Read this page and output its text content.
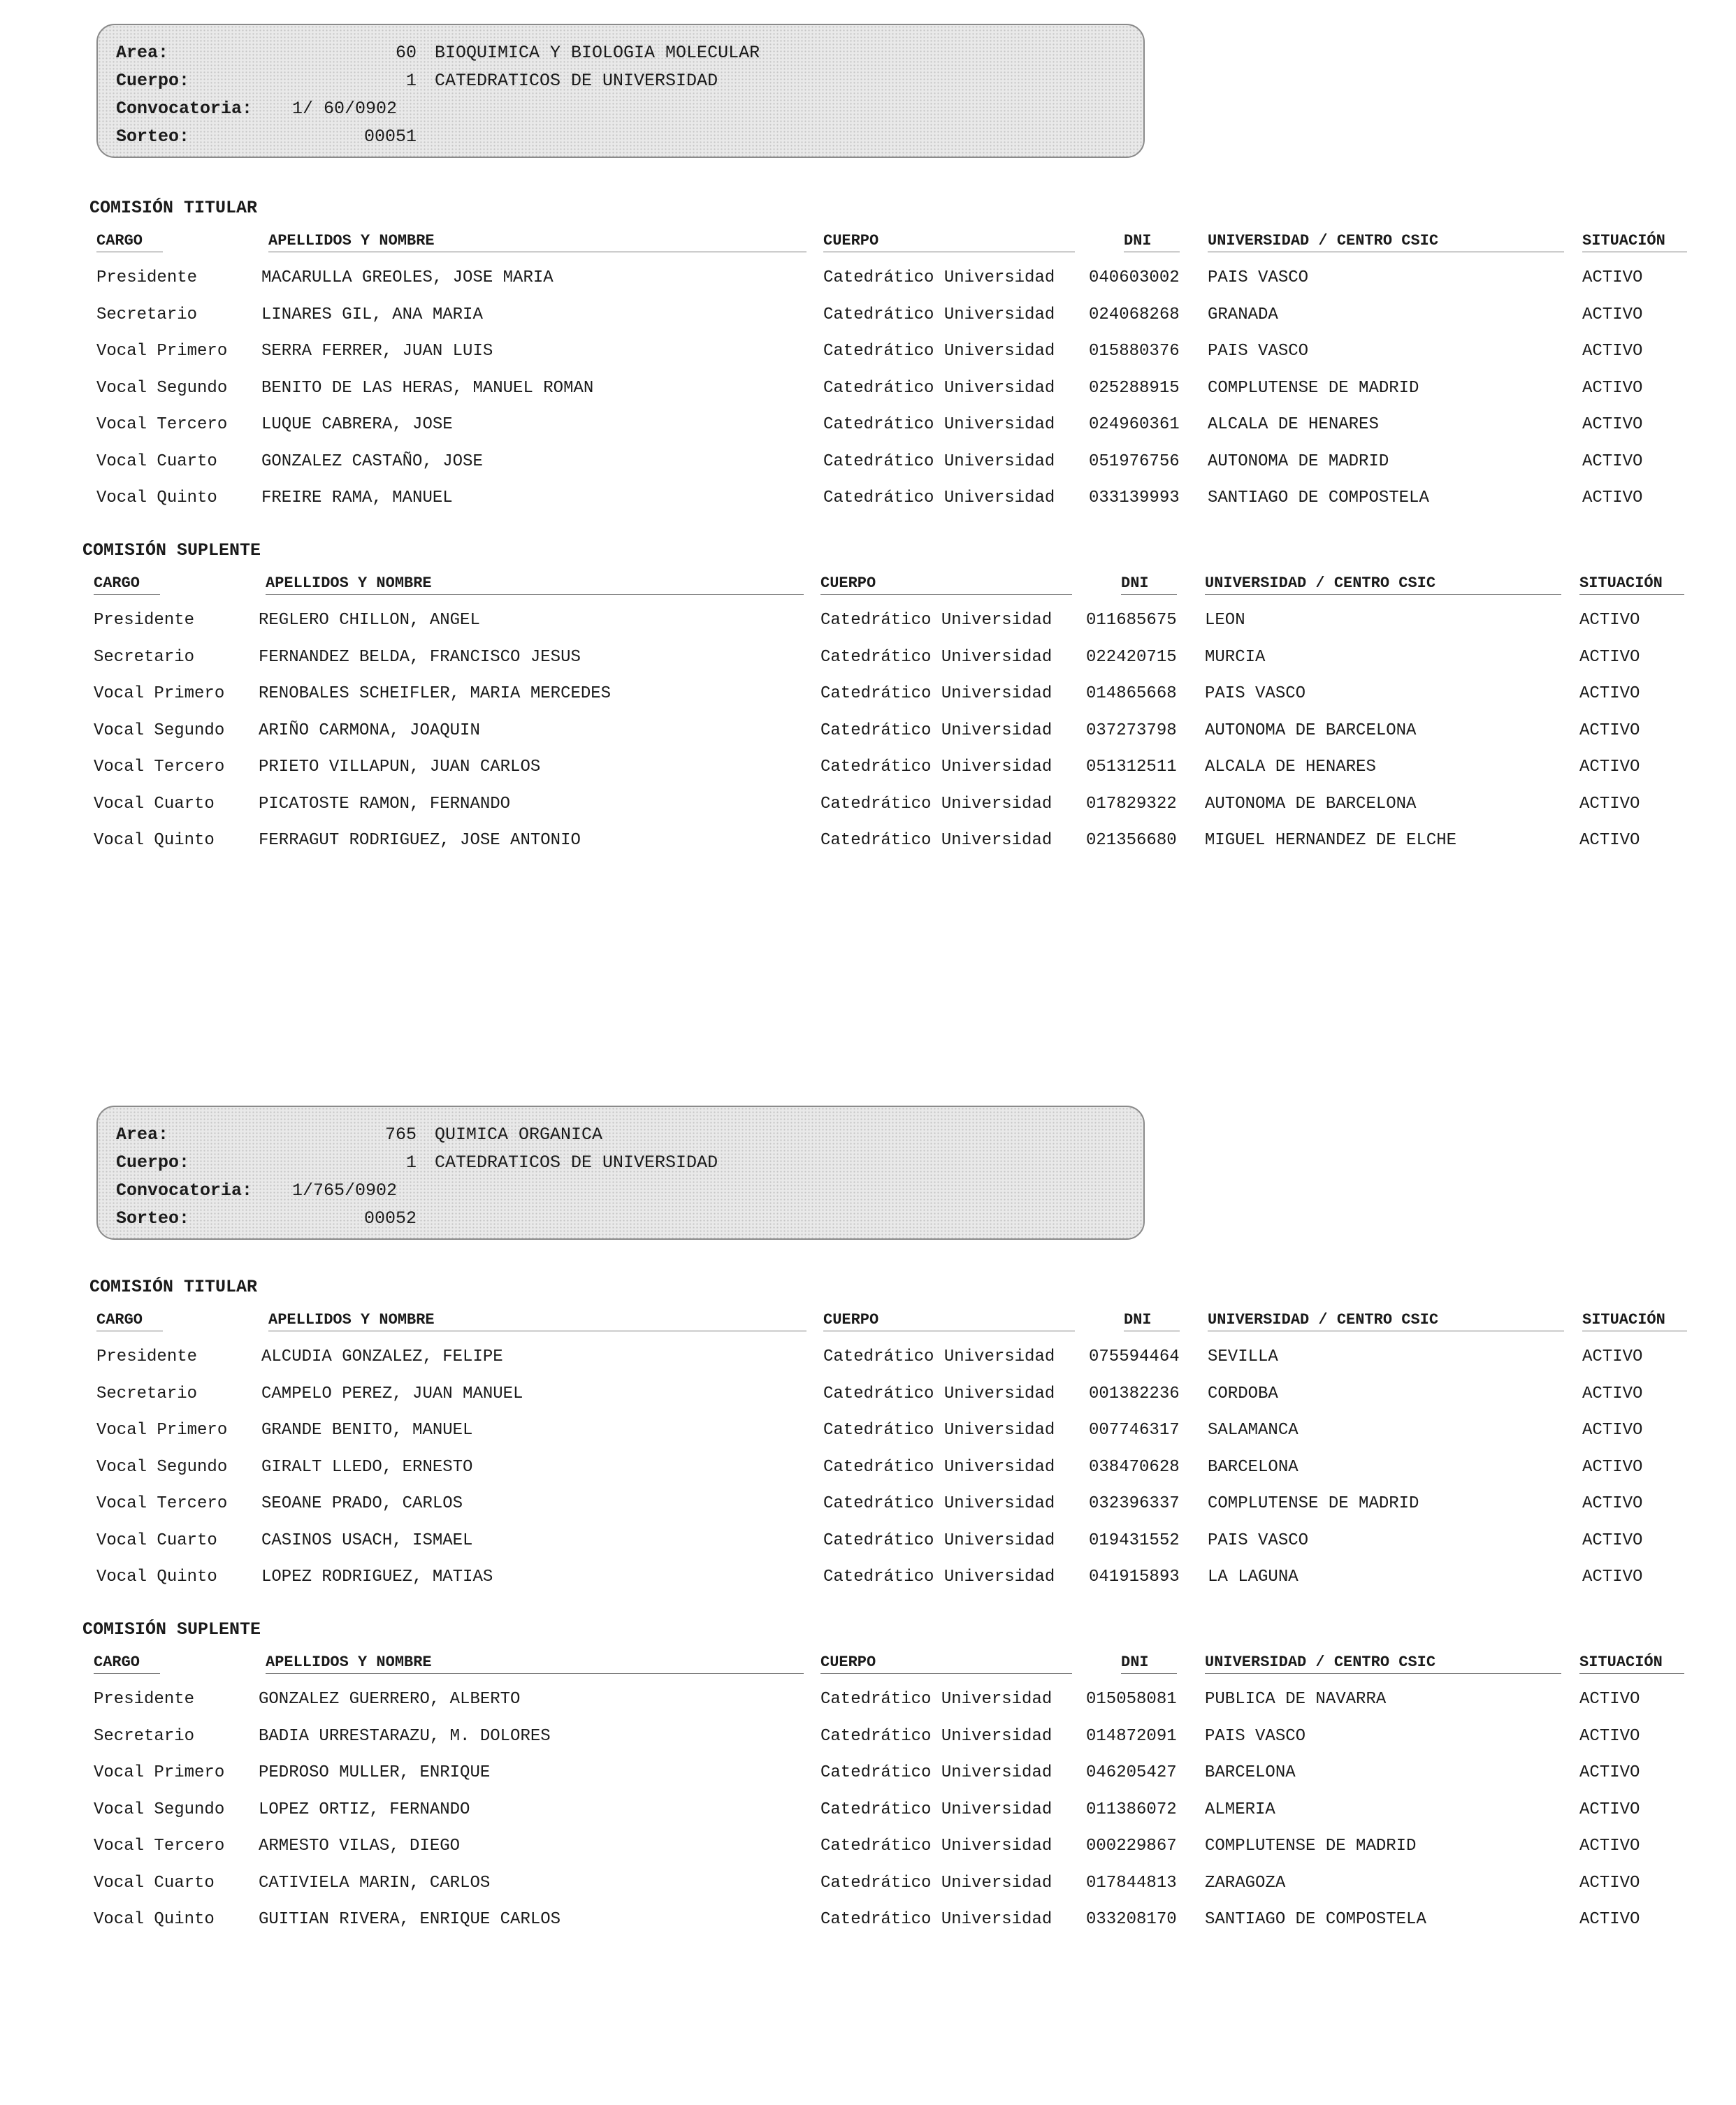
Area:	60 BIOQUIMICA Y BIOLOGIA MOLECULAR
Cuerpo:	1 CATEDRATICOS DE UNIVERSIDAD
Convocatoria: 1/ 60/0902
Sorteo:	00051
COMISIÓN TITULAR
COMISIÓN SUPLENTE
CARGO	APELLIDOS Y NOMBRE	CUERPO	DNI	UNIVERSIDAD / CENTRO CSIC	SITUACIÓN
Presidente	MACARULLA GREOLES, JOSE MARIA	Catedrático Universidad 040603002 PAIS VASCO	ACTIVO
Secretario	LINARES GIL, ANA MARIA	Catedrático Universidad 024068268 GRANADA	ACTIVO
Vocal Primero SERRA FERRER, JUAN LUIS	Catedrático Universidad 015880376 PAIS VASCO	ACTIVO
Vocal Segundo BENITO DE LAS HERAS, MANUEL ROMAN	Catedrático Universidad 025288915 COMPLUTENSE DE MADRID	ACTIVO
Vocal Tercero LUQUE CABRERA, JOSE	Catedrático Universidad 024960361 ALCALA DE HENARES	ACTIVO
Vocal Cuarto	GONZALEZ CASTAÑO, JOSE	Catedrático Universidad 051976756 AUTONOMA DE MADRID	ACTIVO
Vocal Quinto	FREIRE RAMA, MANUEL	Catedrático Universidad 033139993 SANTIAGO DE COMPOSTELA	ACTIVO
CARGO	APELLIDOS Y NOMBRE	CUERPO	DNI	UNIVERSIDAD / CENTRO CSIC	SITUACIÓN
Presidente	REGLERO CHILLON, ANGEL	Catedrático Universidad 011685675 LEON	ACTIVO
Secretario	FERNANDEZ BELDA, FRANCISCO JESUS	Catedrático Universidad 022420715 MURCIA	ACTIVO
Vocal Primero RENOBALES SCHEIFLER, MARIA MERCEDES	Catedrático Universidad 014865668 PAIS VASCO	ACTIVO
Vocal Segundo ARIÑO CARMONA, JOAQUIN	Catedrático Universidad 037273798 AUTONOMA DE BARCELONA	ACTIVO
Vocal Tercero PRIETO VILLAPUN, JUAN CARLOS	Catedrático Universidad 051312511 ALCALA DE HENARES	ACTIVO
Vocal Cuarto	PICATOSTE RAMON, FERNANDO	Catedrático Universidad 017829322 AUTONOMA DE BARCELONA	ACTIVO
Vocal Quinto	FERRAGUT RODRIGUEZ, JOSE ANTONIO	Catedrático Universidad 021356680 MIGUEL HERNANDEZ DE ELCHE	ACTIVO
Area:	765 QUIMICA ORGANICA
Cuerpo:	1 CATEDRATICOS DE UNIVERSIDAD
Convocatoria: 1/765/0902
Sorteo:	00052
COMISIÓN TITULAR
COMISIÓN SUPLENTE
CARGO	APELLIDOS Y NOMBRE	CUERPO	DNI	UNIVERSIDAD / CENTRO CSIC	SITUACIÓN
Presidente	ALCUDIA GONZALEZ, FELIPE	Catedrático Universidad 075594464 SEVILLA	ACTIVO
Secretario	CAMPELO PEREZ, JUAN MANUEL	Catedrático Universidad 001382236 CORDOBA	ACTIVO
Vocal Primero GRANDE BENITO, MANUEL	Catedrático Universidad 007746317 SALAMANCA	ACTIVO
Vocal Segundo GIRALT LLEDO, ERNESTO	Catedrático Universidad 038470628 BARCELONA	ACTIVO
Vocal Tercero SEOANE PRADO, CARLOS	Catedrático Universidad 032396337 COMPLUTENSE DE MADRID	ACTIVO
Vocal Cuarto	CASINOS USACH, ISMAEL	Catedrático Universidad 019431552 PAIS VASCO	ACTIVO
Vocal Quinto	LOPEZ RODRIGUEZ, MATIAS	Catedrático Universidad 041915893 LA LAGUNA	ACTIVO
CARGO	APELLIDOS Y NOMBRE	CUERPO	DNI	UNIVERSIDAD / CENTRO CSIC	SITUACIÓN
Presidente	GONZALEZ GUERRERO, ALBERTO	Catedrático Universidad 015058081 PUBLICA DE NAVARRA	ACTIVO
Secretario	BADIA URRESTARAZU, M. DOLORES	Catedrático Universidad 014872091 PAIS VASCO	ACTIVO
Vocal Primero PEDROSO MULLER, ENRIQUE	Catedrático Universidad 046205427 BARCELONA	ACTIVO
Vocal Segundo LOPEZ ORTIZ, FERNANDO	Catedrático Universidad 011386072 ALMERIA	ACTIVO
Vocal Tercero ARMESTO VILAS, DIEGO	Catedrático Universidad 000229867 COMPLUTENSE DE MADRID	ACTIVO
Vocal Cuarto	CATIVIELA MARIN, CARLOS	Catedrático Universidad 017844813 ZARAGOZA	ACTIVO
Vocal Quinto	GUITIAN RIVERA, ENRIQUE CARLOS	Catedrático Universidad 033208170 SANTIAGO DE COMPOSTELA	ACTIVO
